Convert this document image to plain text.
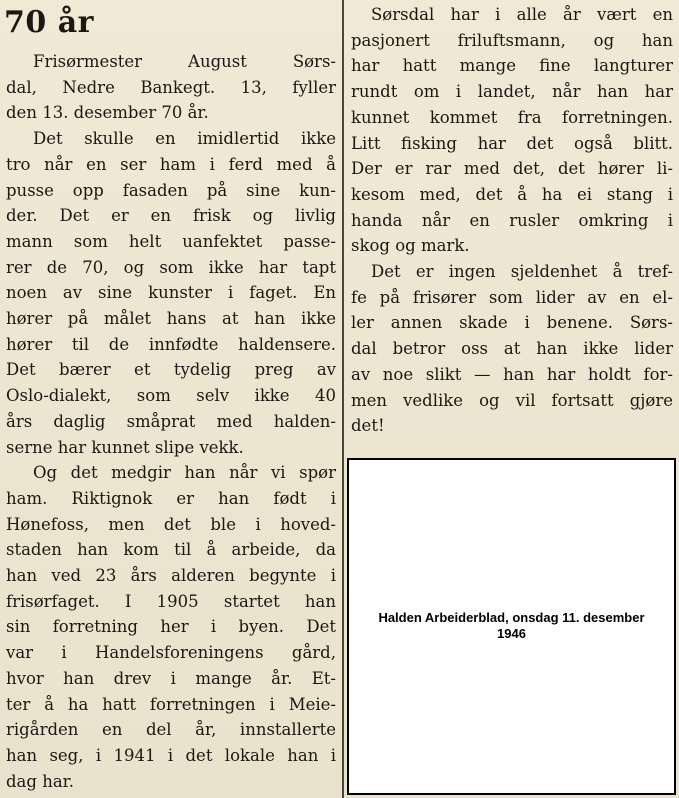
70 år
Frisørmester August Sørs-
dal, Nedre Bankegt. 13, fyller
den 13. desember 70 år.
Det skulle en imidlertid ikke
tro når en ser ham i ferd med å
pusse opp fasaden på sine kun-
der. Det er en frisk og livlig
mann som helt uanfektet passe-
rer de 70, og som ikke har tapt
noen av sine kunster i faget. En
hører på målet hans at han ikke
hører til de innfødte haldensere.
Det bærer et tydelig preg av
Oslo-dialekt, som selv ikke 40
års daglig småprat med halden-
serne har kunnet slipe vekk.
Og det medgir han når vi spør
ham. Riktignok er han født i
Hønefoss, men det ble i hoved-
staden han kom til å arbeide, da
han ved 23 års alderen begynte i
frisørfaget. I 1905 startet han
sin forretning her i byen. Det
var i Handelsforeningens gård,
hvor han drev i mange år. Et-
ter å ha hatt forretningen i Meie-
rigården en del år, innstallerte
han seg, i 1941 i det lokale han i
dag har.
Sørsdal har i alle år vært en
pasjonert friluftsmann, og han
har hatt mange fine langturer
rundt om i landet, når han har
kunnet kommet fra forretningen.
Litt fisking har det også blitt.
Der er rar med det, det hører li-
kesom med, det å ha ei stang i
handa når en rusler omkring i
skog og mark.
Det er ingen sjeldenhet å tref-
fe på frisører som lider av en el-
ler annen skade i benene. Sørs-
dal betror oss at han ikke lider
av noe slikt — han har holdt for-
men vedlike og vil fortsatt gjøre
det!
Halden Arbeiderblad, onsdag 11. desember 1946
